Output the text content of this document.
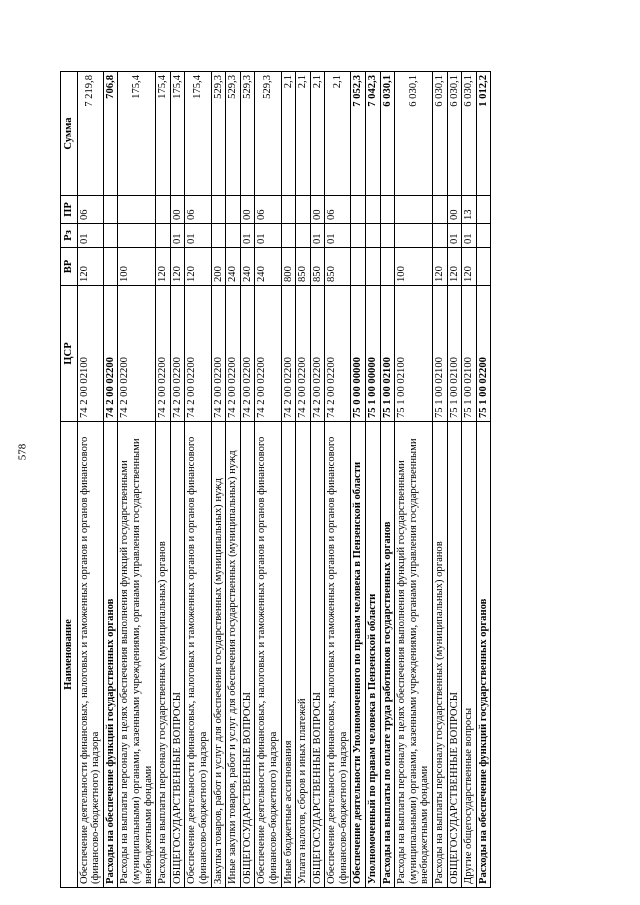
578
Наименование	ЦСР	ВР	Рз	ПР	Сумма
Обеспечение деятельности финансовых, налоговых и таможенных органов и органов финансового (финансово-бюджетного) надзора	74 2 00 02100	120	01	06	7 219,8
Расходы на обеспечение функций государственных органов	74 2 00 02200				706,8
Расходы на выплаты персоналу в целях обеспечения выполнения функций государственными (муниципальными) органами, казенными учреждениями, органами управления государственными внебюджетными фондами	74 2 00 02200	100			175,4
Расходы на выплаты персоналу государственных (муниципальных) органов	74 2 00 02200	120			175,4
ОБЩЕГОСУДАРСТВЕННЫЕ ВОПРОСЫ	74 2 00 02200	120	01	00	175,4
Обеспечение деятельности финансовых, налоговых и таможенных органов и органов финансового (финансово-бюджетного) надзора	74 2 00 02200	120	01	06	175,4
Закупка товаров, работ и услуг для обеспечения государственных (муниципальных) нужд	74 2 00 02200	200			529,3
Иные закупки товаров, работ и услуг для обеспечения государственных (муниципальных) нужд	74 2 00 02200	240			529,3
ОБЩЕГОСУДАРСТВЕННЫЕ ВОПРОСЫ	74 2 00 02200	240	01	00	529,3
Обеспечение деятельности финансовых, налоговых и таможенных органов и органов финансового (финансово-бюджетного) надзора	74 2 00 02200	240	01	06	529,3
Иные бюджетные ассигнования	74 2 00 02200	800			2,1
Уплата налогов, сборов и иных платежей	74 2 00 02200	850			2,1
ОБЩЕГОСУДАРСТВЕННЫЕ ВОПРОСЫ	74 2 00 02200	850	01	00	2,1
Обеспечение деятельности финансовых, налоговых и таможенных органов и органов финансового (финансово-бюджетного) надзора	74 2 00 02200	850	01	06	2,1
Обеспечение деятельности Уполномоченного по правам человека в Пензенской области	75 0 00 00000				7 052,3
Уполномоченный по правам человека в Пензенской области	75 1 00 00000				7 042,3
Расходы на выплаты по оплате труда работников государственных органов	75 1 00 02100				6 030,1
Расходы на выплаты персоналу в целях обеспечения выполнения функций государственными (муниципальными) органами, казенными учреждениями, органами управления государственными внебюджетными фондами	75 1 00 02100	100			6 030,1
Расходы на выплаты персоналу государственных (муниципальных) органов	75 1 00 02100	120			6 030,1
ОБЩЕГОСУДАРСТВЕННЫЕ ВОПРОСЫ	75 1 00 02100	120	01	00	6 030,1
Другие общегосударственные вопросы	75 1 00 02100	120	01	13	6 030,1
Расходы на обеспечение функций государственных органов	75 1 00 02200				1 012,2
